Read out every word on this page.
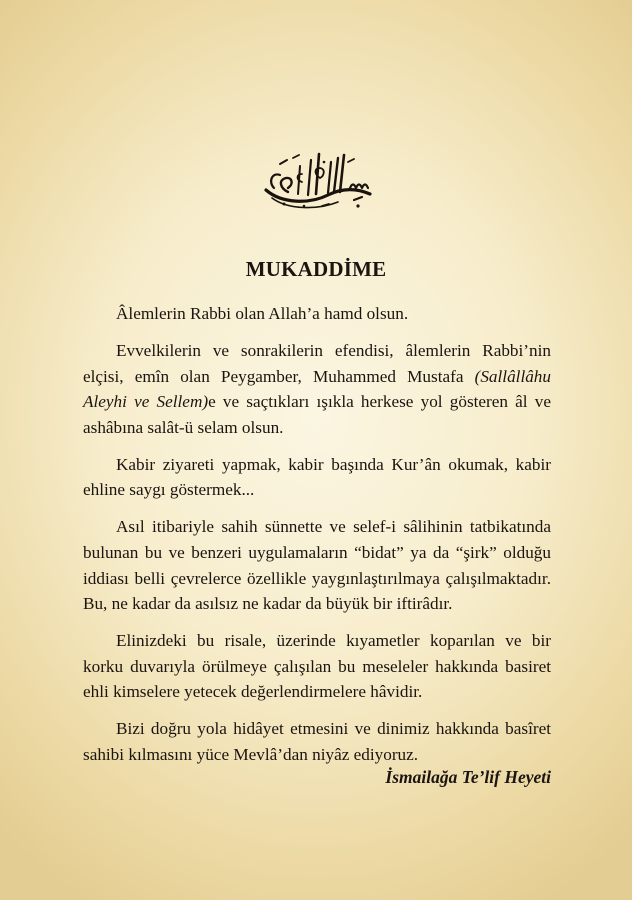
MUKADDİME

Âlemlerin Rabbi olan Allah’a hamd olsun.

Evvelkilerin ve sonrakilerin efendisi, âlemlerin Rabbi’nin elçisi, emîn olan Peygamber, Muhammed Mustafa (Sallâllâhu Aleyhi ve Sellem)e ve saçtıkları ışıkla herkese yol gösteren âl ve ashâbına salât-ü selam olsun.

Kabir ziyareti yapmak, kabir başında Kur’ân okumak, kabir ehline saygı göstermek...

Asıl itibariyle sahih sünnette ve selef-i sâlihinin tatbikatında bulunan bu ve benzeri uygulamaların “bidat” ya da “şirk” olduğu iddiası belli çevrelerce özellikle yaygınlaştırılmaya çalışılmaktadır. Bu, ne kadar da asılsız ne kadar da büyük bir iftirâdır.

Elinizdeki bu risale, üzerinde kıyametler koparılan ve bir korku duvarıyla örülmeye çalışılan bu meseleler hakkında basiret ehli kimselere yetecek değerlendirmelere hâvidir.

Bizi doğru yola hidâyet etmesini ve dinimiz hakkında basîret sahibi kılmasını yüce Mevlâ’dan niyâz ediyoruz.

İsmailağa Te’lif Heyeti
